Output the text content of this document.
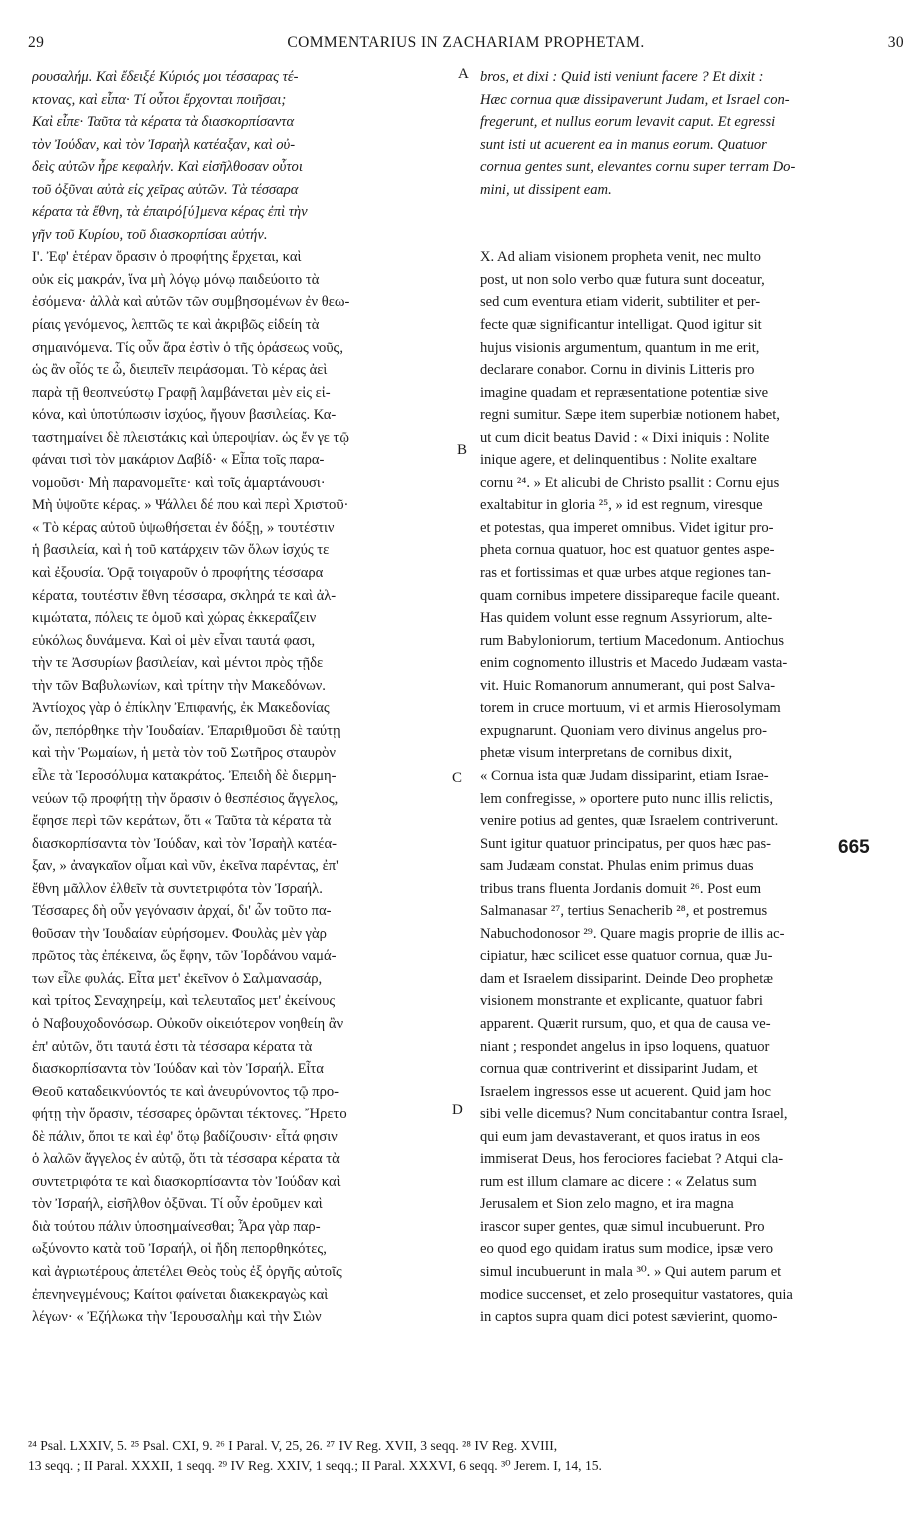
29	COMMENTARIUS IN ZACHARIAM PROPHETAM.	30
ρουσαλήμ. Καὶ ἔδειξέ Κύριός μοι τέσσαρας τέ-
κτονας, καὶ εἶπα· Τί οὗτοι ἔρχονται ποιῆσαι;
Καὶ εἶπε· Ταῦτα τὰ κέρατα τὰ διασκορπίσαντα
τὸν Ἰούδαν, καὶ τὸν Ἰσραὴλ κατέαξαν, καὶ οὐ-
δεὶς αὐτῶν ἦρε κεφαλήν. Καὶ εἰσῆλθοσαν οὗτοι
τοῦ ὀξῦναι αὐτὰ εἰς χεῖρας αὐτῶν. Τὰ τέσσαρα
κέρατα τὰ ἔθνη, τὰ ἐπαιρό[ύ]μενα κέρας ἐπὶ τὴν
γῆν τοῦ Κυρίου, τοῦ διασκορπίσαι αὐτήν.
Ι'. Ἐφ' ἑτέραν ὅρασιν ὁ προφήτης ἔρχεται, καὶ
οὐκ εἰς μακράν, ἵνα μὴ λόγῳ μόνῳ παιδεύοιτο τὰ
ἐσόμενα· ἀλλὰ καὶ αὐτῶν τῶν συμβησομένων ἐν θεω-
ρίαις γενόμενος, λεπτῶς τε καὶ ἀκριβῶς εἰδείη τὰ
σημαινόμενα. Τίς οὖν ἄρα ἐστὶν ὁ τῆς ὁράσεως νοῦς,
ὡς ἂν οἷός τε ὦ, διειπεῖν πειράσομαι. Τὸ κέρας ἀεὶ
παρὰ τῇ θεοπνεύστῳ Γραφῇ λαμβάνεται μὲν εἰς εἰ-
κόνα, καὶ ὑποτύπωσιν ἰσχύος, ἤγουν βασιλείας. Κα-
ταστημαίνει δὲ πλειστάκις καὶ ὑπεροψίαν. ὡς ἔν γε τῷ
φάναι τισὶ τὸν μακάριον Δαβίδ· « Εἶπα τοῖς παρα-
νομοῦσι· Μὴ παρανομεῖτε· καὶ τοῖς ἁμαρτάνουσι·
Μὴ ὑψοῦτε κέρας. » Ψάλλει δέ που καὶ περὶ Χριστοῦ·
« Τὸ κέρας αὐτοῦ ὑψωθήσεται ἐν δόξῃ, » τουτέστιν
ἡ βασιλεία, καὶ ἡ τοῦ κατάρχειν τῶν ὅλων ἰσχύς τε
καὶ ἐξουσία. Ὁρᾷ τοιγαροῦν ὁ προφήτης τέσσαρα
κέρατα, τουτέστιν ἔθνη τέσσαρα, σκληρά τε καὶ ἀλ-
κιμώτατα, πόλεις τε ὁμοῦ καὶ χώρας ἐκκεραΐζειν
εὐκόλως δυνάμενα. Καὶ οἱ μὲν εἶναι ταυτά φασι,
τὴν τε Ἀσσυρίων βασιλείαν, καὶ μέντοι πρὸς τῇδε
τὴν τῶν Βαβυλωνίων, καὶ τρίτην τὴν Μακεδόνων.
Ἀντίοχος γὰρ ὁ ἐπίκλην Ἐπιφανής, ἐκ Μακεδονίας
ὤν, πεπόρθηκε τὴν Ἰουδαίαν. Ἐπαριθμοῦσι δὲ ταύτῃ
καὶ τὴν Ῥωμαίων, ἡ μετὰ τὸν τοῦ Σωτῆρος σταυρὸν
εἷλε τὰ Ἱεροσόλυμα κατακράτος. Ἐπειδὴ δὲ διερμη-
νεύων τῷ προφήτῃ τὴν ὅρασιν ὁ θεσπέσιος ἄγγελος,
ἔφησε περὶ τῶν κεράτων, ὅτι « Ταῦτα τὰ κέρατα τὰ
διασκορπίσαντα τὸν Ἰούδαν, καὶ τὸν Ἰσραὴλ κατέα-
ξαν, » ἀναγκαῖον οἶμαι καὶ νῦν, ἐκεῖνα παρέντας, ἐπ'
ἔθνη μᾶλλον ἐλθεῖν τὰ συντετριφότα τὸν Ἰσραήλ.
Τέσσαρες δὴ οὖν γεγόνασιν ἀρχαί, δι' ὧν τοῦτο πα-
θοῦσαν τὴν Ἰουδαίαν εὑρήσομεν. Φουλὰς μὲν γὰρ
πρῶτος τὰς ἐπέκεινα, ὥς ἔφην, τῶν Ἰορδάνου ναμά-
των εἷλε φυλάς. Εἶτα μετ' ἐκεῖνον ὁ Σαλμανασάρ,
καὶ τρίτος Σεναχηρείμ, καὶ τελευταῖος μετ' ἐκείνους
ὁ Ναβουχοδονόσωρ. Οὐκοῦν οἰκειότερον νοηθείη ἂν
ἐπ' αὐτῶν, ὅτι ταυτά ἐστι τὰ τέσσαρα κέρατα τὰ
διασκορπίσαντα τὸν Ἰούδαν καὶ τὸν Ἰσραήλ. Εἶτα
Θεοῦ καταδεικνύοντός τε καὶ ἀνευρύνοντος τῷ προ-
φήτῃ τὴν ὅρασιν, τέσσαρες ὁρῶνται τέκτονες. Ἤρετο
δὲ πάλιν, ὅποι τε καὶ ἐφ' ὅτῳ βαδίζουσιν· εἶτά φησιν
ὁ λαλῶν ἄγγελος ἐν αὐτῷ, ὅτι τὰ τέσσαρα κέρατα τὰ
συντετριφότα τε καὶ διασκορπίσαντα τὸν Ἰούδαν καὶ
τὸν Ἰσραήλ, εἰσῆλθον ὀξῦναι. Τί οὖν ἐροῦμεν καὶ
διὰ τούτου πάλιν ὑποσημαίνεσθαι; Ἆρα γὰρ παρ-
ωξύνοντο κατὰ τοῦ Ἰσραήλ, οἱ ἤδη πεπορθηκότες,
καὶ ἀγριωτέρους ἀπετέλει Θεὸς τοὺς ἐξ ὀργῆς αὐτοῖς
ἐπενηνεγμένους; Καίτοι φαίνεται διακεκραγὼς καὶ
λέγων· « Ἐζήλωκα τὴν Ἱερουσαλὴμ καὶ τὴν Σιὼν
bros, et dixi : Quid isti veniunt facere ? Et dixit :
Hæc cornua quæ dissipaverunt Judam, et Israel con-
fregerunt, et nullus eorum levavit caput. Et egressi
sunt isti ut acuerent ea in manus eorum. Quatuor
cornua gentes sunt, elevantes cornu super terram Do-
mini, ut dissipent eam.
X. Ad aliam visionem propheta venit, nec multo
post, ut non solo verbo quæ futura sunt doceatur,
sed cum eventura etiam viderit, subtiliter et per-
fecte quæ significantur intelligat. Quod igitur sit
hujus visionis argumentum, quantum in me erit,
declarare conabor. Cornu in divinis Litteris pro
imagine quadam et repræsentatione potentiæ sive
regni sumitur. Sæpe item superbiæ notionem habet,
ut cum dicit beatus David : « Dixi iniquis : Nolite
inique agere, et delinquentibus : Nolite exaltare
cornu ²⁴. » Et alicubi de Christo psallit : Cornu ejus
exaltabitur in gloria ²⁵, » id est regnum, viresque
et potestas, qua imperet omnibus. Videt igitur pro-
pheta cornua quatuor, hoc est quatuor gentes aspe-
ras et fortissimas et quæ urbes atque regiones tan-
quam cornibus impetere dissipareque facile queant.
Has quidem volunt esse regnum Assyriorum, alte-
rum Babyloniorum, tertium Macedonum. Antiochus
enim cognomento illustris et Macedo Judæam vasta-
vit. Huic Romanorum annumerant, qui post Salva-
torem in cruce mortuum, vi et armis Hierosolymam
expugnarunt. Quoniam vero divinus angelus pro-
phetæ visum interpretans de cornibus dixit,
« Cornua ista quæ Judam dissiparint, etiam Israe-
lem confregisse, » oportere puto nunc illis relictis,
venire potius ad gentes, quæ Israelem contriverunt.
Sunt igitur quatuor principatus, per quos hæc pas-
sam Judæam constat. Phulas enim primus duas
tribus trans fluenta Jordanis domuit ²⁶. Post eum
Salmanasar ²⁷, tertius Senacherib ²⁸, et postremus
Nabuchodonosor ²⁹. Quare magis proprie de illis ac-
cipiatur, hæc scilicet esse quatuor cornua, quæ Ju-
dam et Israelem dissiparint. Deinde Deo prophetæ
visionem monstrante et explicante, quatuor fabri
apparent. Quærit rursum, quo, et qua de causa ve-
niant ; respondet angelus in ipso loquens, quatuor
cornua quæ contriverint et dissiparint Judam, et
Israelem ingressos esse ut acuerent. Quid jam hoc
sibi velle dicemus? Num concitabantur contra Israel,
qui eum jam devastaverant, et quos iratus in eos
immiserat Deus, hos ferociores faciebat ? Atqui cla-
rum est illum clamare ac dicere : « Zelatus sum
Jerusalem et Sion zelo magno, et ira magna
irascor super gentes, quæ simul incubuerunt. Pro
eo quod ego quidam iratus sum modice, ipsæ vero
simul incubuerunt in mala ³⁰. » Qui autem parum et
modice succenset, et zelo prosequitur vastatores, quia
in captos supra quam dici potest sævierint, quomo-
A
B
C
D
665
²⁴ Psal. LXXIV, 5. ²⁵ Psal. CXI, 9. ²⁶ I Paral. V, 25, 26. ²⁷ IV Reg. XVII, 3 seqq. ²⁸ IV Reg. XVIII,
13 seqq. ; II Paral. XXXII, 1 seqq. ²⁹ IV Reg. XXIV, 1 seqq.; II Paral. XXXVI, 6 seqq. ³⁰ Jerem. I, 14, 15.
